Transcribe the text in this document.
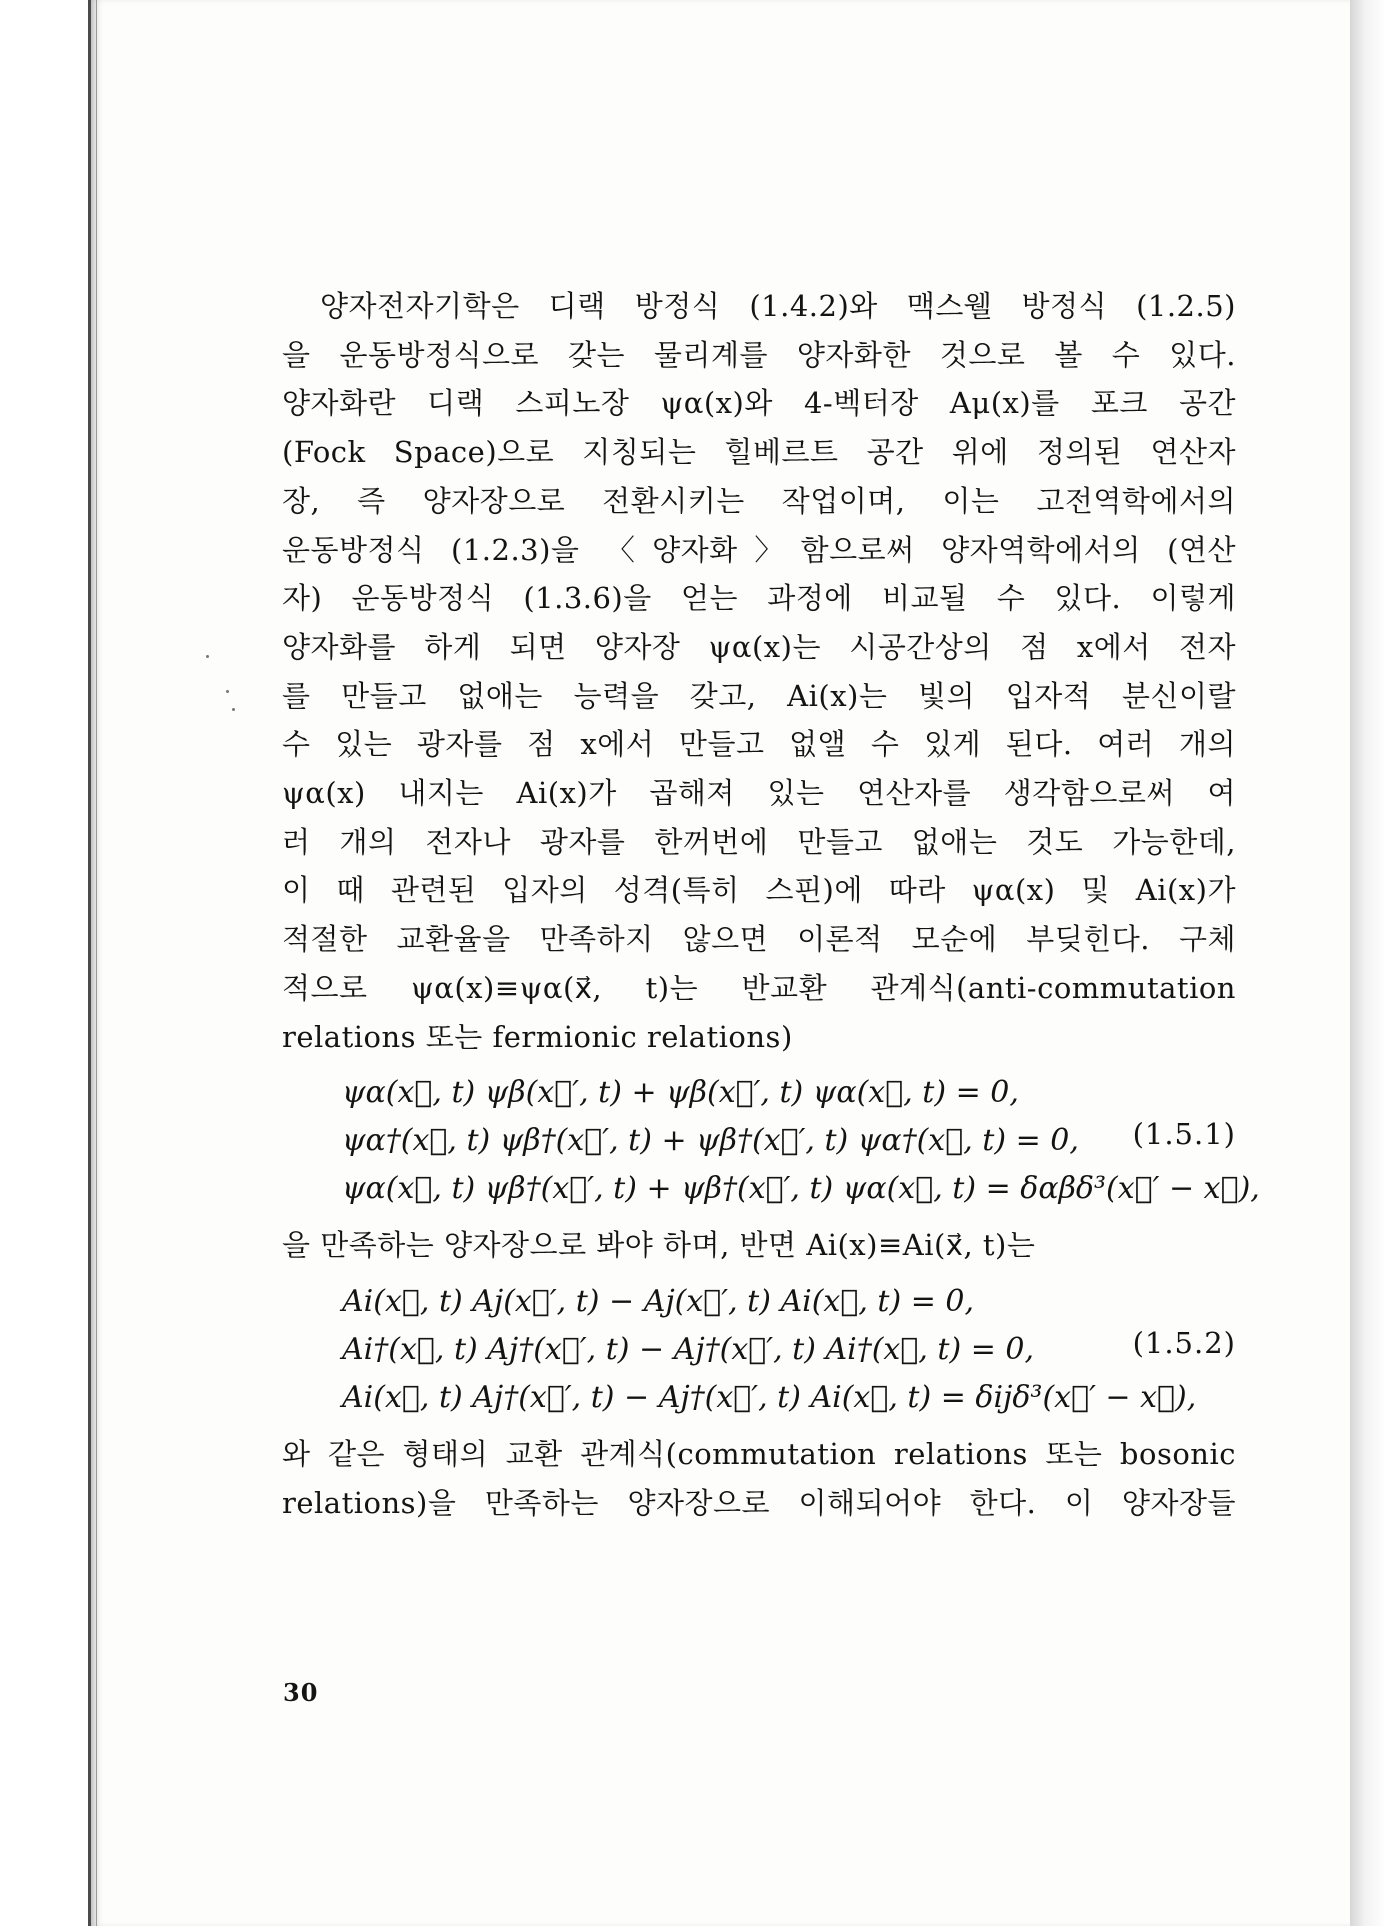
양자전자기학은 디랙 방정식 (1.4.2)와 맥스웰 방정식 (1.2.5)

을 운동방정식으로 갖는 물리계를 양자화한 것으로 볼 수 있다.

양자화란 디랙 스피노장 ψα(x)와 4-벡터장 Aμ(x)를 포크 공간

(Fock Space)으로 지칭되는 힐베르트 공간 위에 정의된 연산자

장, 즉 양자장으로 전환시키는 작업이며, 이는 고전역학에서의

운동방정식 (1.2.3)을 〈양자화〉함으로써 양자역학에서의 (연산

자) 운동방정식 (1.3.6)을 얻는 과정에 비교될 수 있다. 이렇게

양자화를 하게 되면 양자장 ψα(x)는 시공간상의 점 x에서 전자

를 만들고 없애는 능력을 갖고, Ai(x)는 빛의 입자적 분신이랄

수 있는 광자를 점 x에서 만들고 없앨 수 있게 된다. 여러 개의

ψα(x) 내지는 Ai(x)가 곱해져 있는 연산자를 생각함으로써 여

러 개의 전자나 광자를 한꺼번에 만들고 없애는 것도 가능한데,

이 때 관련된 입자의 성격(특히 스핀)에 따라 ψα(x) 및 Ai(x)가

적절한 교환율을 만족하지 않으면 이론적 모순에 부딪힌다. 구체

적으로 ψα(x)≡ψα(x⃗, t)는 반교환 관계식(anti-commutation

relations 또는 fermionic relations)

ψα(x⃗, t) ψβ(x⃗′, t) + ψβ(x⃗′, t) ψα(x⃗, t) = 0,
ψα†(x⃗, t) ψβ†(x⃗′, t) + ψβ†(x⃗′, t) ψα†(x⃗, t) = 0,
ψα(x⃗, t) ψβ†(x⃗′, t) + ψβ†(x⃗′, t) ψα(x⃗, t) = δαβδ³(x⃗′ − x⃗),
(1.5.1)

을 만족하는 양자장으로 봐야 하며, 반면 Ai(x)≡Ai(x⃗, t)는

Ai(x⃗, t) Aj(x⃗′, t) − Aj(x⃗′, t) Ai(x⃗, t) = 0,
Ai†(x⃗, t) Aj†(x⃗′, t) − Aj†(x⃗′, t) Ai†(x⃗, t) = 0,
Ai(x⃗, t) Aj†(x⃗′, t) − Aj†(x⃗′, t) Ai(x⃗, t) = δijδ³(x⃗′ − x⃗),
(1.5.2)

와 같은 형태의 교환 관계식(commutation relations 또는 bosonic

relations)을 만족하는 양자장으로 이해되어야 한다. 이 양자장들

30
